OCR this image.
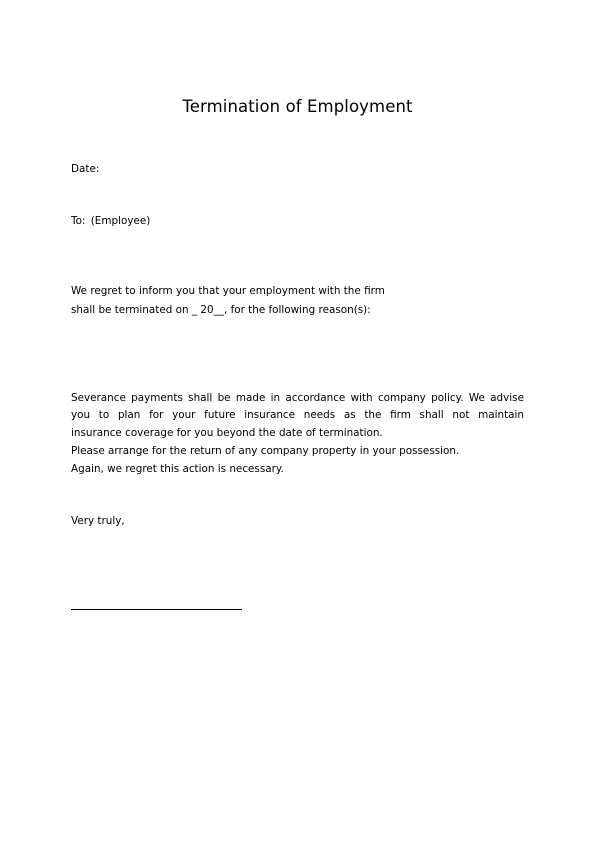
Termination of Employment
Date:
To: (Employee)
We regret to inform you that your employment with the firm
shall be terminated on _ 20__, for the following reason(s):
Severance payments shall be made in accordance with company policy. We advise
you to plan for your future insurance needs as the firm shall not maintain
insurance coverage for you beyond the date of termination.
Please arrange for the return of any company property in your possession.
Again, we regret this action is necessary.
Very truly,
